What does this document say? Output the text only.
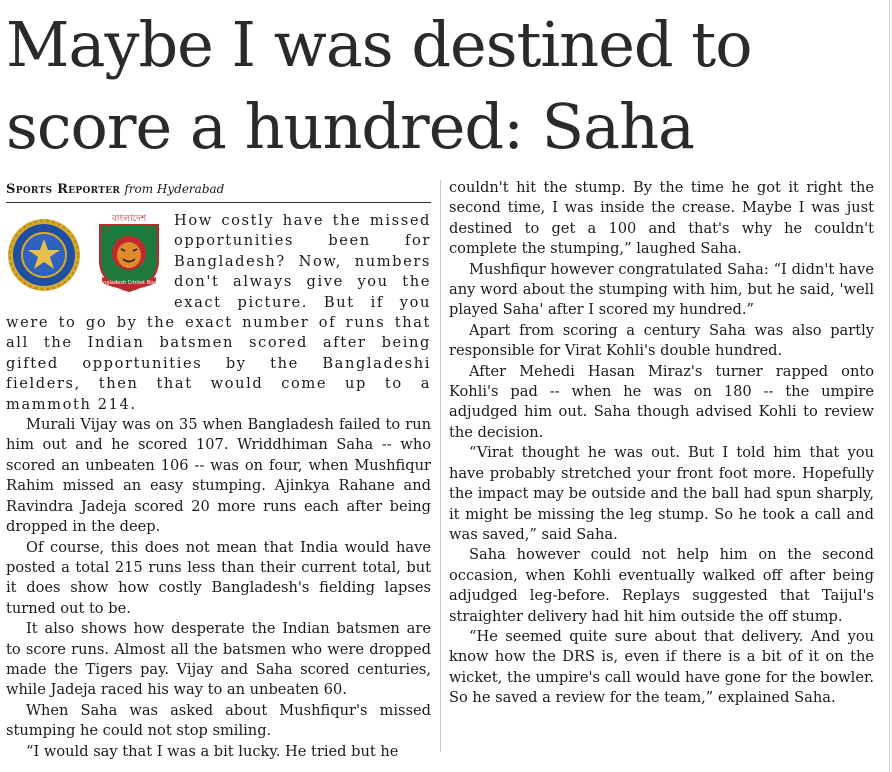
Maybe I was destined to score a hundred: Saha
Sports Reporter from Hyderabad
বাংলাদেশ
Bangladesh Cricket Board

How costly have the missed opportunities been for Bangladesh? Now, numbers don't always give you the exact picture. But if you were to go by the exact number of runs that all the Indian batsmen scored after being gifted opportunities by the Bangladeshi fielders, then that would come up to a mammoth 214.

Murali Vijay was on 35 when Bangladesh failed to run him out and he scored 107. Wriddhiman Saha -- who scored an unbeaten 106 -- was on four, when Mushfiqur Rahim missed an easy stumping. Ajinkya Rahane and Ravindra Jadeja scored 20 more runs each after being dropped in the deep.

Of course, this does not mean that India would have posted a total 215 runs less than their current total, but it does show how costly Bangladesh's fielding lapses turned out to be.

It also shows how desperate the Indian batsmen are to score runs. Almost all the batsmen who were dropped made the Tigers pay. Vijay and Saha scored centuries, while Jadeja raced his way to an unbeaten 60.

When Saha was asked about Mushfiqur's missed stumping he could not stop smiling.

“I would say that I was a bit lucky. He tried but he

couldn't hit the stump. By the time he got it right the second time, I was inside the crease. Maybe I was just destined to get a 100 and that's why he couldn't complete the stumping,” laughed Saha.

Mushfiqur however congratulated Saha: “I didn't have any word about the stumping with him, but he said, 'well played Saha' after I scored my hundred.”

Apart from scoring a century Saha was also partly responsible for Virat Kohli's double hundred.

After Mehedi Hasan Miraz's turner rapped onto Kohli's pad -- when he was on 180 -- the umpire adjudged him out. Saha though advised Kohli to review the decision.

“Virat thought he was out. But I told him that you have probably stretched your front foot more. Hopefully the impact may be outside and the ball had spun sharply, it might be missing the leg stump. So he took a call and was saved,” said Saha.

Saha however could not help him on the second occasion, when Kohli eventually walked off after being adjudged leg-before. Replays suggested that Taijul's straighter delivery had hit him outside the off stump.

“He seemed quite sure about that delivery. And you know how the DRS is, even if there is a bit of it on the wicket, the umpire's call would have gone for the bowler. So he saved a review for the team,” explained Saha.
